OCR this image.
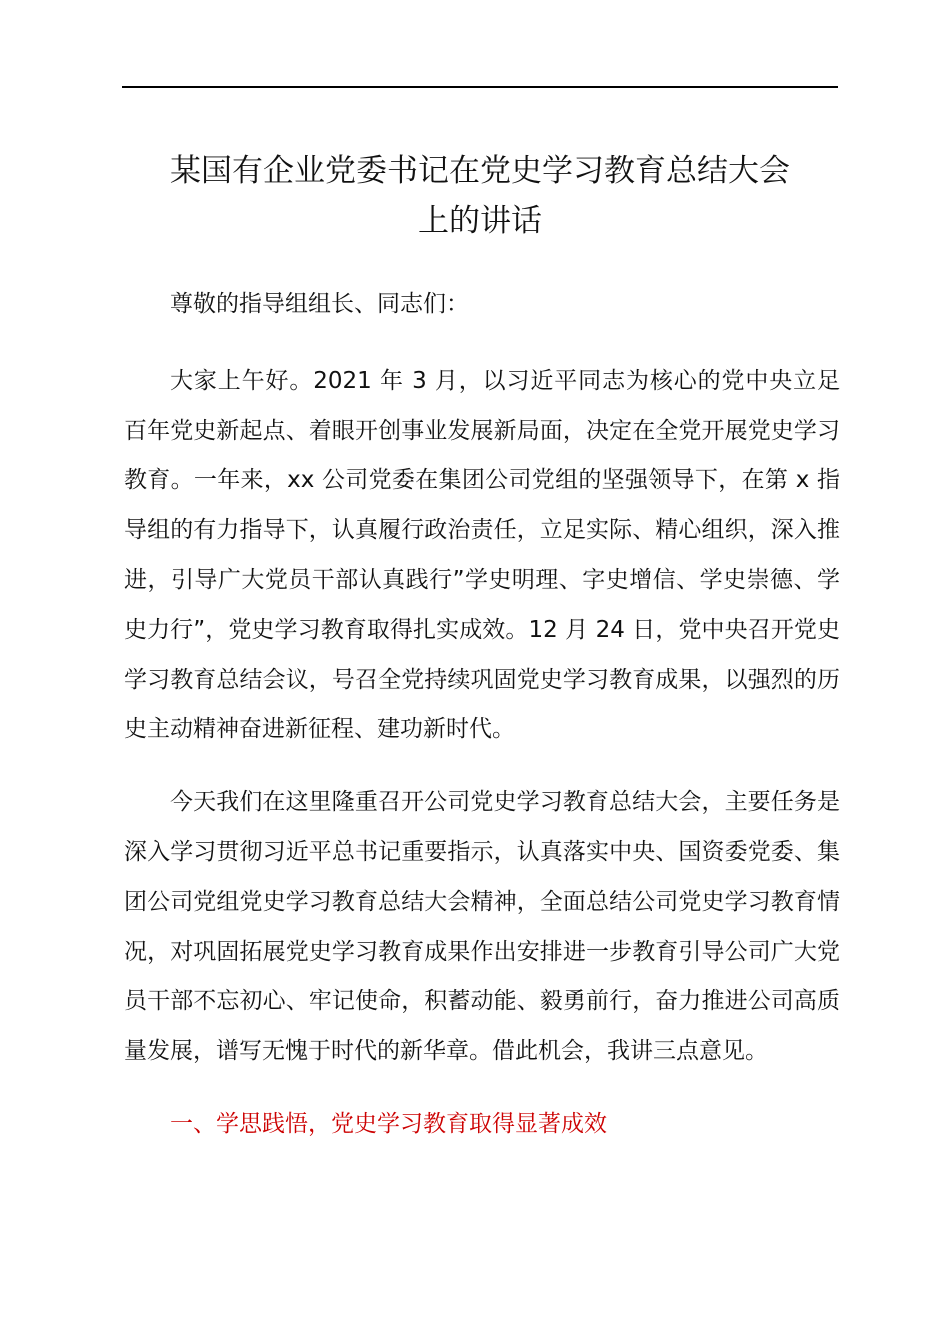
某国有企业党委书记在党史学习教育总结大会
上的讲话

尊敬的指导组组长、同志们：

大家上午好。2021 年 3 月，以习近平同志为核心的党中央立足百年党史新起点、着眼开创事业发展新局面，决定在全党开展党史学习教育。一年来，xx 公司党委在集团公司党组的坚强领导下，在第 x 指导组的有力指导下，认真履行政治责任，立足实际、精心组织，深入推进，引导广大党员干部认真践行”学史明理、字史增信、学史崇德、学史力行”，党史学习教育取得扎实成效。12 月 24 日，党中央召开党史学习教育总结会议，号召全党持续巩固党史学习教育成果，以强烈的历史主动精神奋进新征程、建功新时代。

今天我们在这里隆重召开公司党史学习教育总结大会，主要任务是深入学习贯彻习近平总书记重要指示，认真落实中央、国资委党委、集团公司党组党史学习教育总结大会精神，全面总结公司党史学习教育情况，对巩固拓展党史学习教育成果作出安排进一步教育引导公司广大党员干部不忘初心、牢记使命，积蓄动能、毅勇前行，奋力推进公司高质量发展，谱写无愧于时代的新华章。借此机会，我讲三点意见。

一、学思践悟，党史学习教育取得显著成效
